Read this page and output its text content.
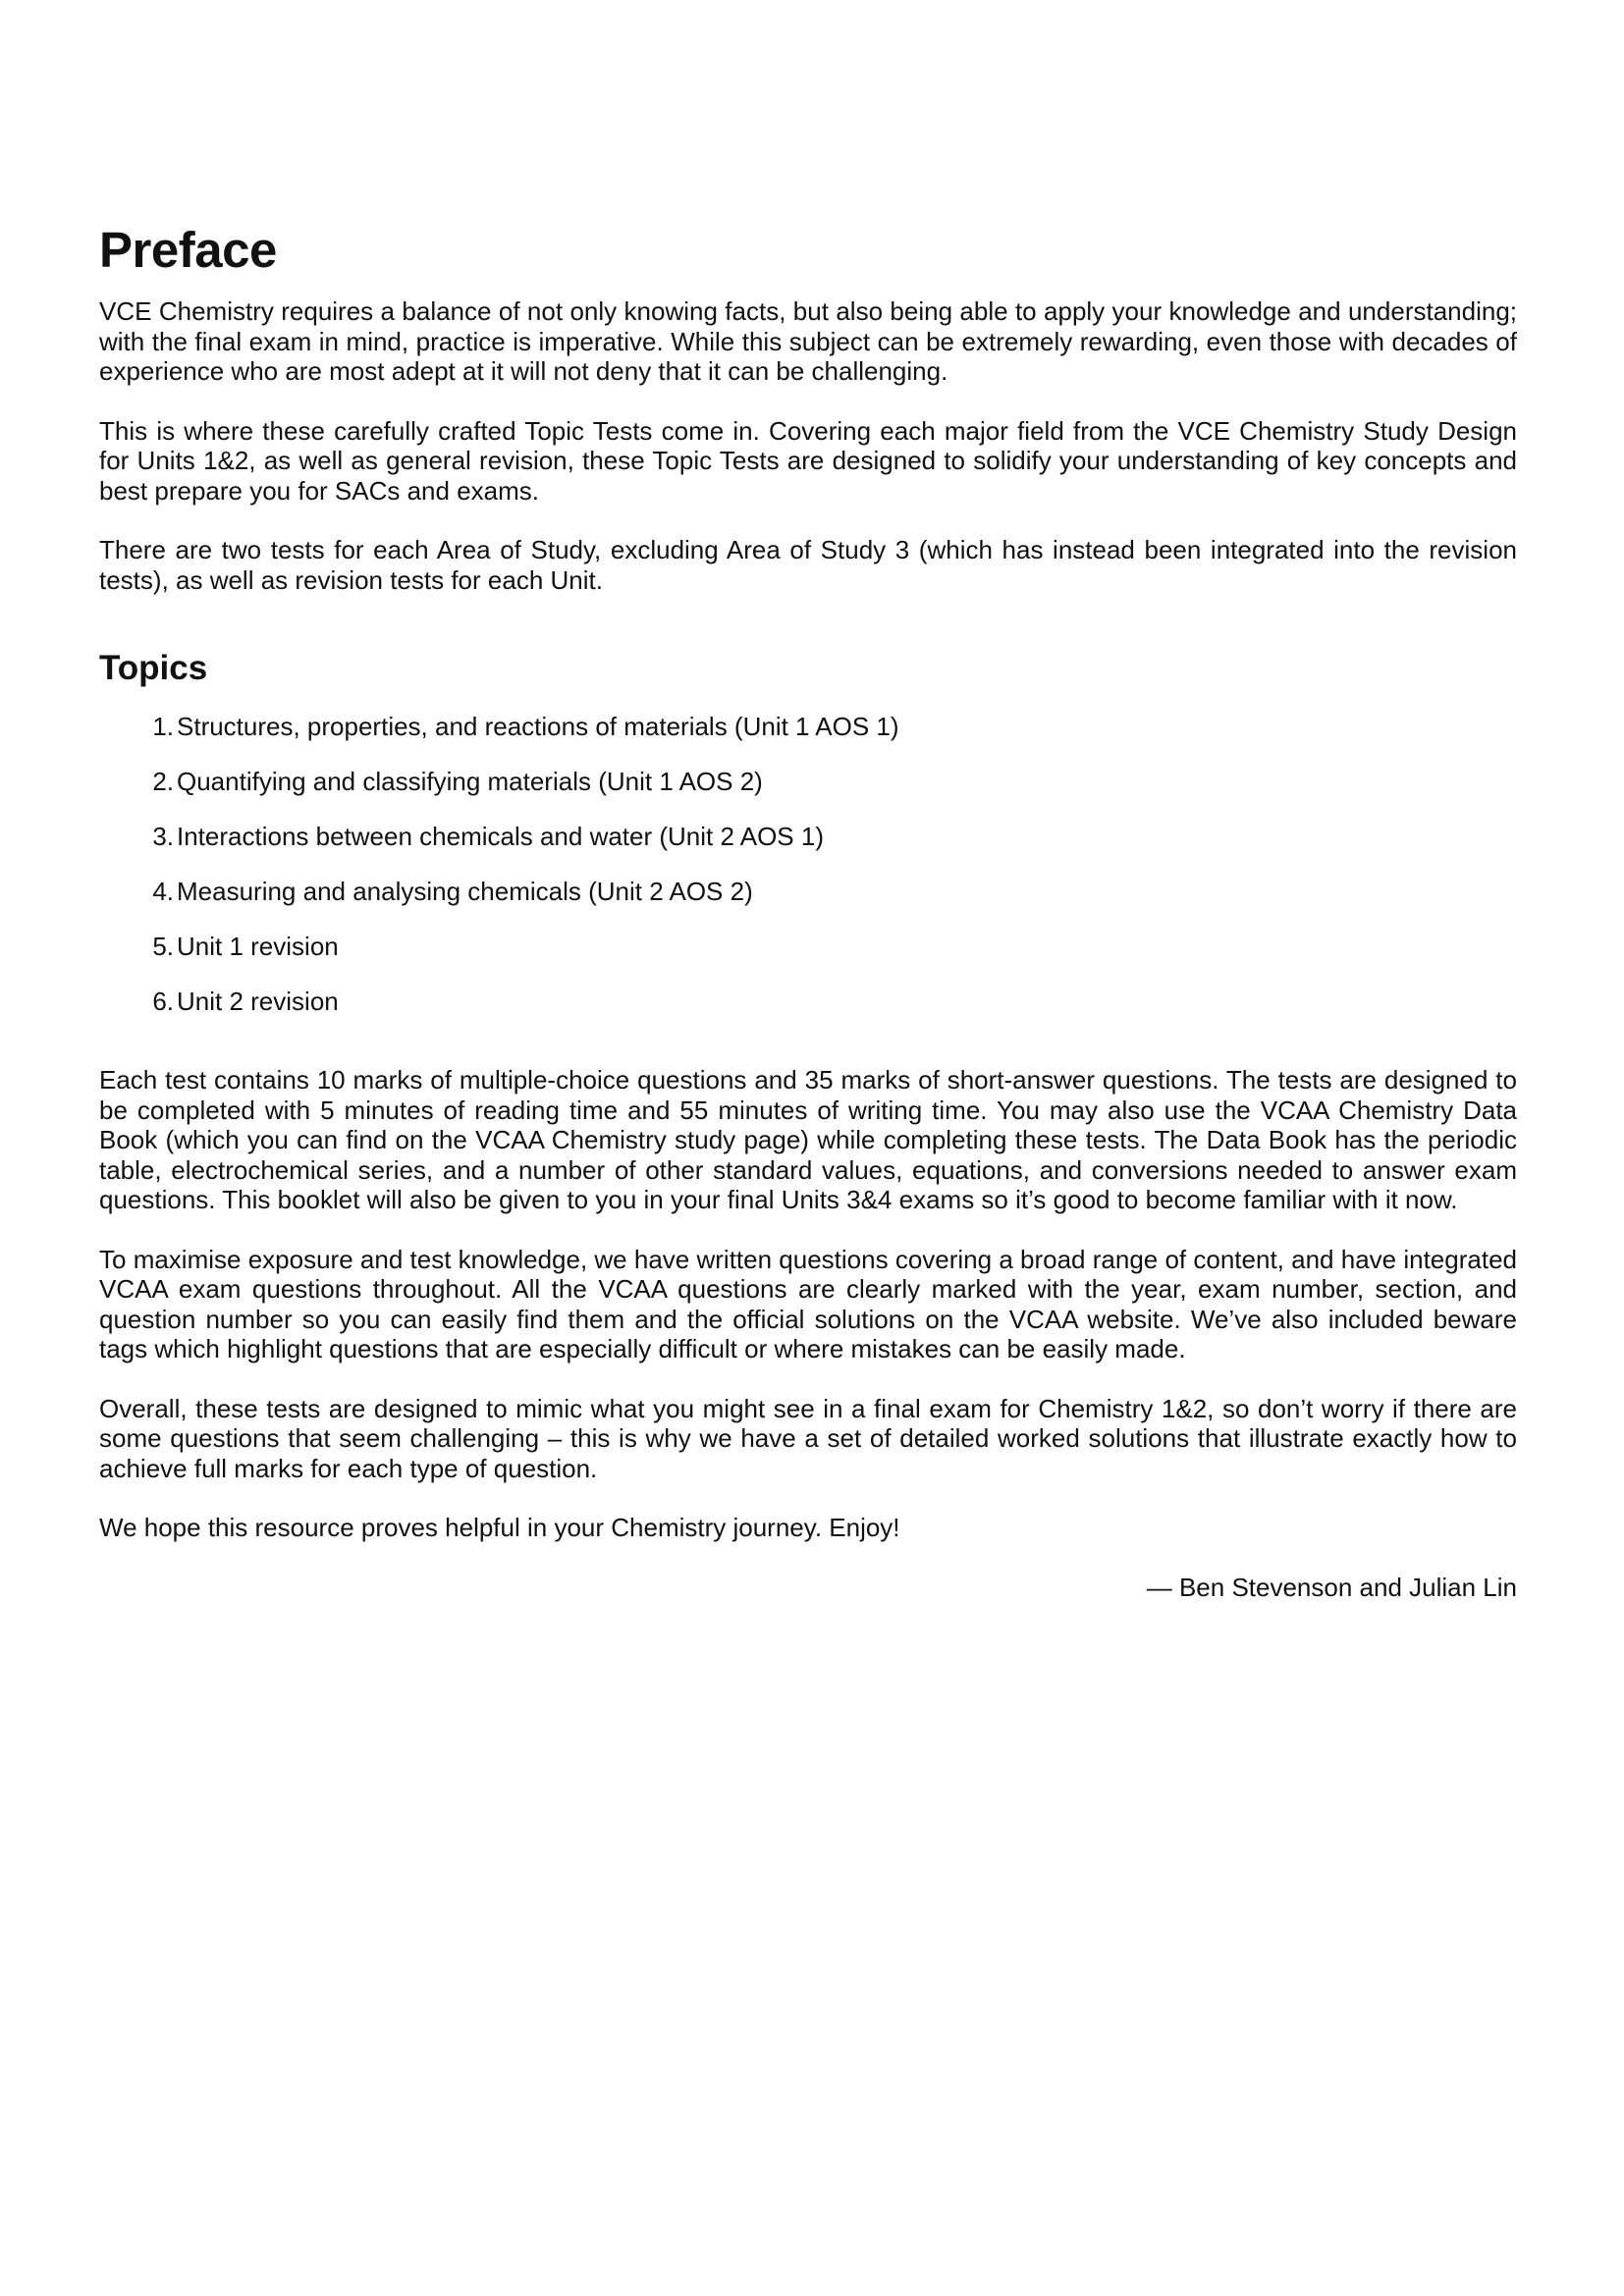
Preface

VCE Chemistry requires a balance of not only knowing facts, but also being able to apply your knowledge and understanding; with the final exam in mind, practice is imperative. While this subject can be extremely rewarding, even those with decades of experience who are most adept at it will not deny that it can be challenging.

This is where these carefully crafted Topic Tests come in. Covering each major field from the VCE Chemistry Study Design for Units 1&2, as well as general revision, these Topic Tests are designed to solidify your understanding of key concepts and best prepare you for SACs and exams.

There are two tests for each Area of Study, excluding Area of Study 3 (which has instead been integrated into the revision tests), as well as revision tests for each Unit.

Topics
1. Structures, properties, and reactions of materials (Unit 1 AOS 1)
2. Quantifying and classifying materials (Unit 1 AOS 2)
3. Interactions between chemicals and water (Unit 2 AOS 1)
4. Measuring and analysing chemicals (Unit 2 AOS 2)
5. Unit 1 revision
6. Unit 2 revision

Each test contains 10 marks of multiple-choice questions and 35 marks of short-answer questions. The tests are designed to be completed with 5 minutes of reading time and 55 minutes of writing time. You may also use the VCAA Chemistry Data Book (which you can find on the VCAA Chemistry study page) while completing these tests. The Data Book has the periodic table, electrochemical series, and a number of other standard values, equations, and conversions needed to answer exam questions. This booklet will also be given to you in your final Units 3&4 exams so it’s good to become familiar with it now.

To maximise exposure and test knowledge, we have written questions covering a broad range of content, and have integrated VCAA exam questions throughout. All the VCAA questions are clearly marked with the year, exam number, section, and question number so you can easily find them and the official solutions on the VCAA website. We’ve also included beware tags which highlight questions that are especially difficult or where mistakes can be easily made.

Overall, these tests are designed to mimic what you might see in a final exam for Chemistry 1&2, so don’t worry if there are some questions that seem challenging – this is why we have a set of detailed worked solutions that illustrate exactly how to achieve full marks for each type of question.

We hope this resource proves helpful in your Chemistry journey. Enjoy!

— Ben Stevenson and Julian Lin
